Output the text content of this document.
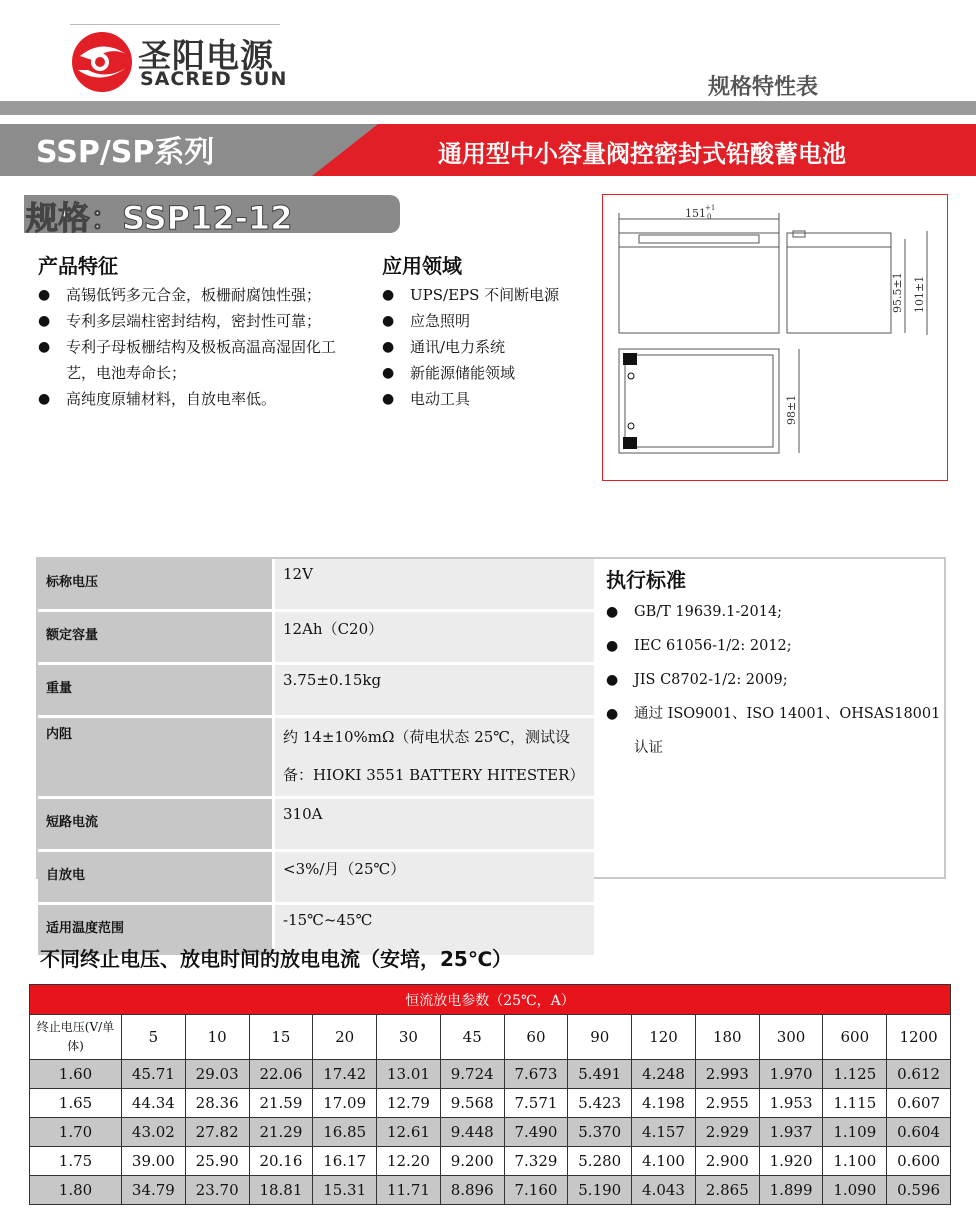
圣阳电源
SACRED SUN	规格特性表
SSP/SP系列	通用型中小容量阀控密封式铅酸蓄电池
规格：SSP12-12
产品特征
● 高锡低钙多元合金，板栅耐腐蚀性强；
● 专利多层端柱密封结构，密封性可靠；
● 专利子母板栅结构及极板高温高湿固化工艺，电池寿命长；
● 高纯度原辅材料，自放电率低。
应用领域
● UPS/EPS 不间断电源
● 应急照明
● 通讯/电力系统
● 新能源储能领域
● 电动工具
151 +1
0
95.5±1 101±1
98±1
标称电压	12V
额定容量	12Ah（C20）
重量	3.75±0.15kg
内阻	约 14±10%mΩ（荷电状态 25℃，测试设备：HIOKI 3551 BATTERY HITESTER）
短路电流	310A
自放电	<3%/月（25℃）
适用温度范围	-15℃~45℃
执行标准
● GB/T 19639.1-2014;
● IEC 61056-1/2: 2012;
● JIS C8702-1/2: 2009;
● 通过 ISO9001、ISO 14001、OHSAS18001 认证
不同终止电压、放电时间的放电电流（安培，25℃）
恒流放电参数（25℃，A）													
终止电压(V/单体)	5	10	15	20	30	45	60	90	120	180	300	600	1200
1.60	45.71	29.03	22.06	17.42	13.01	9.724	7.673	5.491	4.248	2.993	1.970	1.125	0.612
1.65	44.34	28.36	21.59	17.09	12.79	9.568	7.571	5.423	4.198	2.955	1.953	1.115	0.607
1.70	43.02	27.82	21.29	16.85	12.61	9.448	7.490	5.370	4.157	2.929	1.937	1.109	0.604
1.75	39.00	25.90	20.16	16.17	12.20	9.200	7.329	5.280	4.100	2.900	1.920	1.100	0.600
1.80	34.79	23.70	18.81	15.31	11.71	8.896	7.160	5.190	4.043	2.865	1.899	1.090	0.596
